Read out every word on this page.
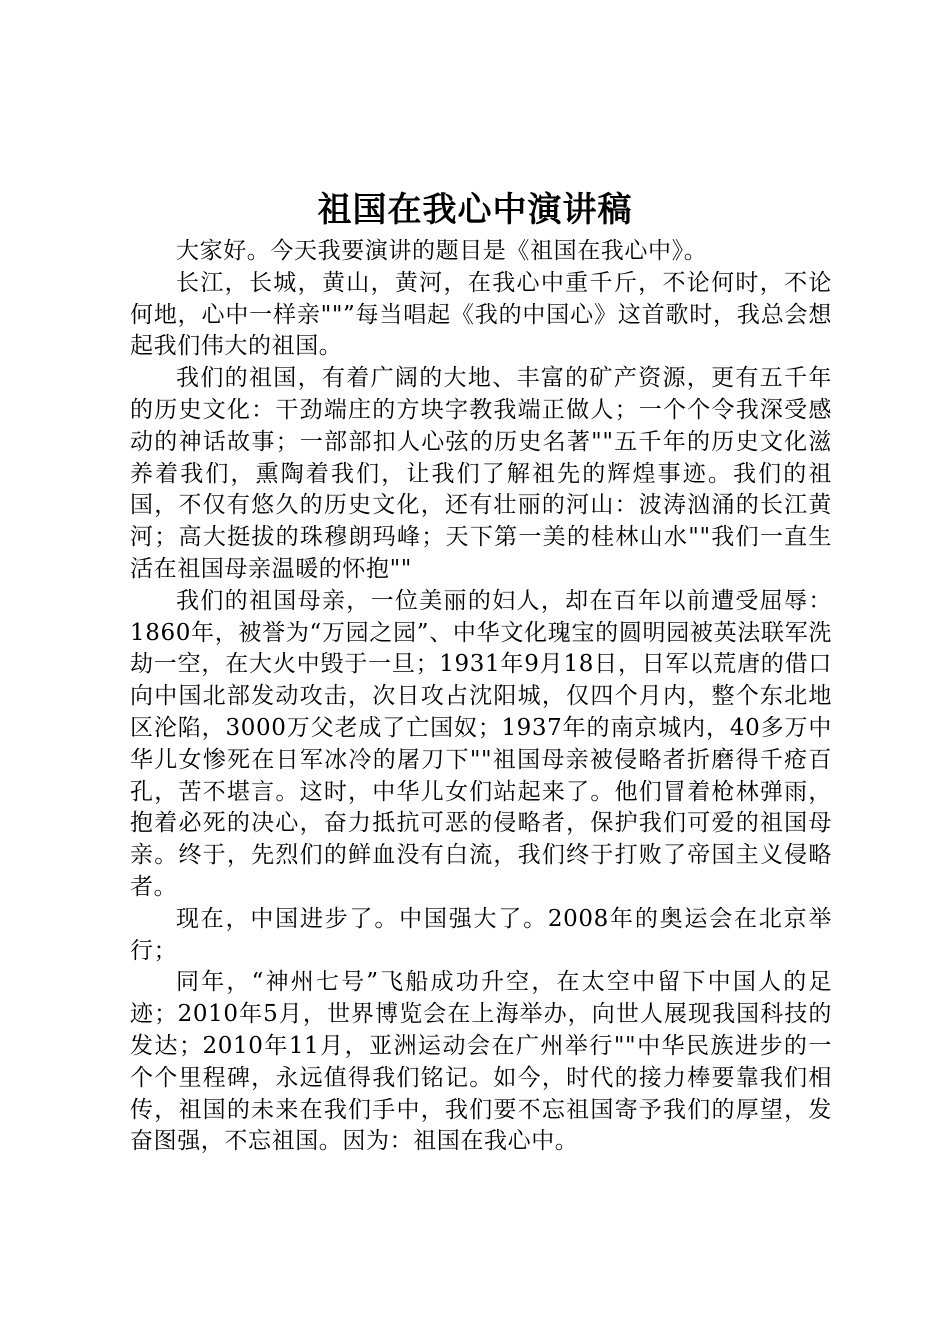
祖国在我心中演讲稿

大家好。今天我要演讲的题目是《祖国在我心中》。

长江，长城，黄山，黄河，在我心中重千斤，不论何时，不论何地，心中一样亲""”每当唱起《我的中国心》这首歌时，我总会想起我们伟大的祖国。

我们的祖国，有着广阔的大地、丰富的矿产资源，更有五千年的历史文化：干劲端庄的方块字教我端正做人；一个个令我深受感动的神话故事；一部部扣人心弦的历史名著""五千年的历史文化滋养着我们，熏陶着我们，让我们了解祖先的辉煌事迹。我们的祖国，不仅有悠久的历史文化，还有壮丽的河山：波涛汹涌的长江黄河；高大挺拔的珠穆朗玛峰；天下第一美的桂林山水""我们一直生活在祖国母亲温暖的怀抱""

我们的祖国母亲，一位美丽的妇人，却在百年以前遭受屈辱：1860年，被誉为“万园之园”、中华文化瑰宝的圆明园被英法联军洗劫一空，在大火中毁于一旦；1931年9月18日，日军以荒唐的借口向中国北部发动攻击，次日攻占沈阳城，仅四个月内，整个东北地区沦陷，3000万父老成了亡国奴；1937年的南京城内，40多万中华儿女惨死在日军冰冷的屠刀下""祖国母亲被侵略者折磨得千疮百孔，苦不堪言。这时，中华儿女们站起来了。他们冒着枪林弹雨，抱着必死的决心，奋力抵抗可恶的侵略者，保护我们可爱的祖国母亲。终于，先烈们的鲜血没有白流，我们终于打败了帝国主义侵略者。

现在，中国进步了。中国强大了。2008年的奥运会在北京举行；

同年，“神州七号”飞船成功升空，在太空中留下中国人的足迹；2010年5月，世界博览会在上海举办，向世人展现我国科技的发达；2010年11月，亚洲运动会在广州举行""中华民族进步的一个个里程碑，永远值得我们铭记。如今，时代的接力棒要靠我们相传，祖国的未来在我们手中，我们要不忘祖国寄予我们的厚望，发奋图强，不忘祖国。因为：祖国在我心中。
